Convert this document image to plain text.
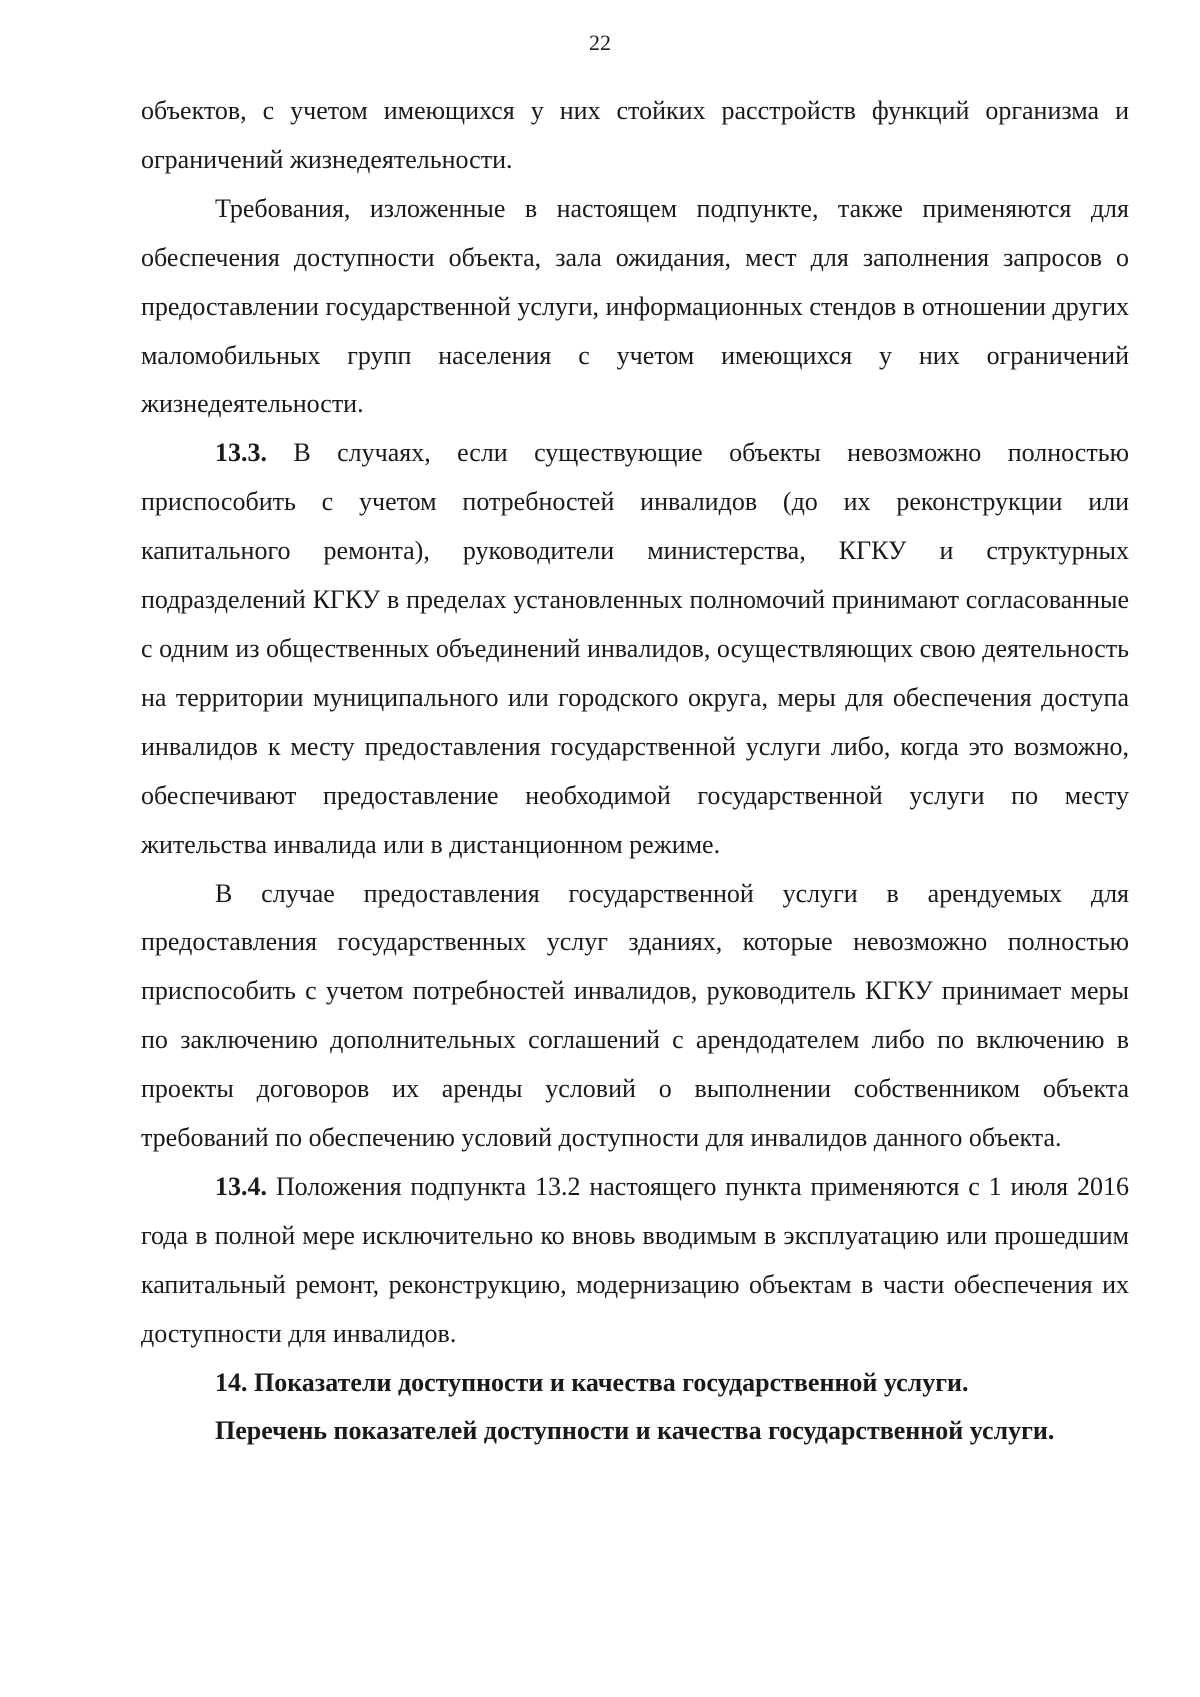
22

объектов, с учетом имеющихся у них стойких расстройств функций организма и ограничений жизнедеятельности.

Требования, изложенные в настоящем подпункте, также применяются для обеспечения доступности объекта, зала ожидания, мест для заполнения запросов о предоставлении государственной услуги, информационных стендов в отношении других маломобильных групп населения с учетом имеющихся у них ограничений жизнедеятельности.

13.3. В случаях, если существующие объекты невозможно полностью приспособить с учетом потребностей инвалидов (до их реконструкции или капитального ремонта), руководители министерства, КГКУ и структурных подразделений КГКУ в пределах установленных полномочий принимают согласованные с одним из общественных объединений инвалидов, осуществляющих свою деятельность на территории муниципального или городского округа, меры для обеспечения доступа инвалидов к месту предоставления государственной услуги либо, когда это возможно, обеспечивают предоставление необходимой государственной услуги по месту жительства инвалида или в дистанционном режиме.

В случае предоставления государственной услуги в арендуемых для предоставления государственных услуг зданиях, которые невозможно полностью приспособить с учетом потребностей инвалидов, руководитель КГКУ принимает меры по заключению дополнительных соглашений с арендодателем либо по включению в проекты договоров их аренды условий о выполнении собственником объекта требований по обеспечению условий доступности для инвалидов данного объекта.

13.4. Положения подпункта 13.2 настоящего пункта применяются с 1 июля 2016 года в полной мере исключительно ко вновь вводимым в эксплуатацию или прошедшим капитальный ремонт, реконструкцию, модернизацию объектам в части обеспечения их доступности для инвалидов.

14. Показатели доступности и качества государственной услуги.

Перечень показателей доступности и качества государственной услуги.
